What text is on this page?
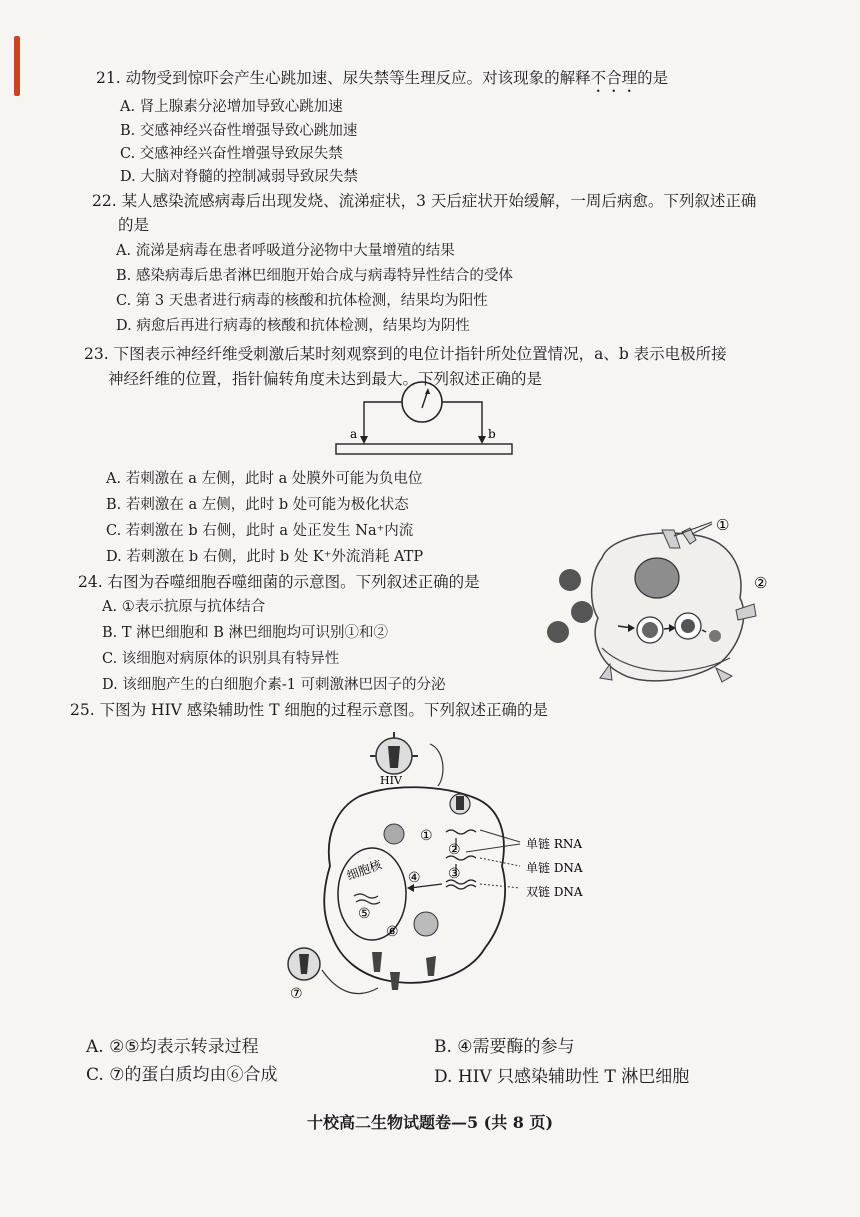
21. 动物受到惊吓会产生心跳加速、尿失禁等生理反应。对该现象的解释不合理的是
A. 肾上腺素分泌增加导致心跳加速
B. 交感神经兴奋性增强导致心跳加速
C. 交感神经兴奋性增强导致尿失禁
D. 大脑对脊髓的控制减弱导致尿失禁
22. 某人感染流感病毒后出现发烧、流涕症状，3 天后症状开始缓解，一周后病愈。下列叙述正确
的是
A. 流涕是病毒在患者呼吸道分泌物中大量增殖的结果
B. 感染病毒后患者淋巴细胞开始合成与病毒特异性结合的受体
C. 第 3 天患者进行病毒的核酸和抗体检测，结果均为阳性
D. 病愈后再进行病毒的核酸和抗体检测，结果均为阴性
23. 下图表示神经纤维受刺激后某时刻观察到的电位计指针所处位置情况，a、b 表示电极所接
神经纤维的位置，指针偏转角度未达到最大。下列叙述正确的是
a	b
A. 若刺激在 a 左侧，此时 a 处膜外可能为负电位
B. 若刺激在 a 左侧，此时 b 处可能为极化状态
C. 若刺激在 b 右侧，此时 a 处正发生 Na⁺内流
D. 若刺激在 b 右侧，此时 b 处 K⁺外流消耗 ATP
24. 右图为吞噬细胞吞噬细菌的示意图。下列叙述正确的是
A. ①表示抗原与抗体结合
B. T 淋巴细胞和 B 淋巴细胞均可识别①和②
C. 该细胞对病原体的识别具有特异性
D. 该细胞产生的白细胞介素-1 可刺激淋巴因子的分泌
①
②
25. 下图为 HIV 感染辅助性 T 细胞的过程示意图。下列叙述正确的是
HIV
细胞核
①
②
③
④
⑤
⑥
⑦
单链 RNA
单链 DNA
双链 DNA
A. ②⑤均表示转录过程	B. ④需要酶的参与
C. ⑦的蛋白质均由⑥合成	D. HIV 只感染辅助性 T 淋巴细胞
十校高二生物试题卷—5 (共 8 页)
